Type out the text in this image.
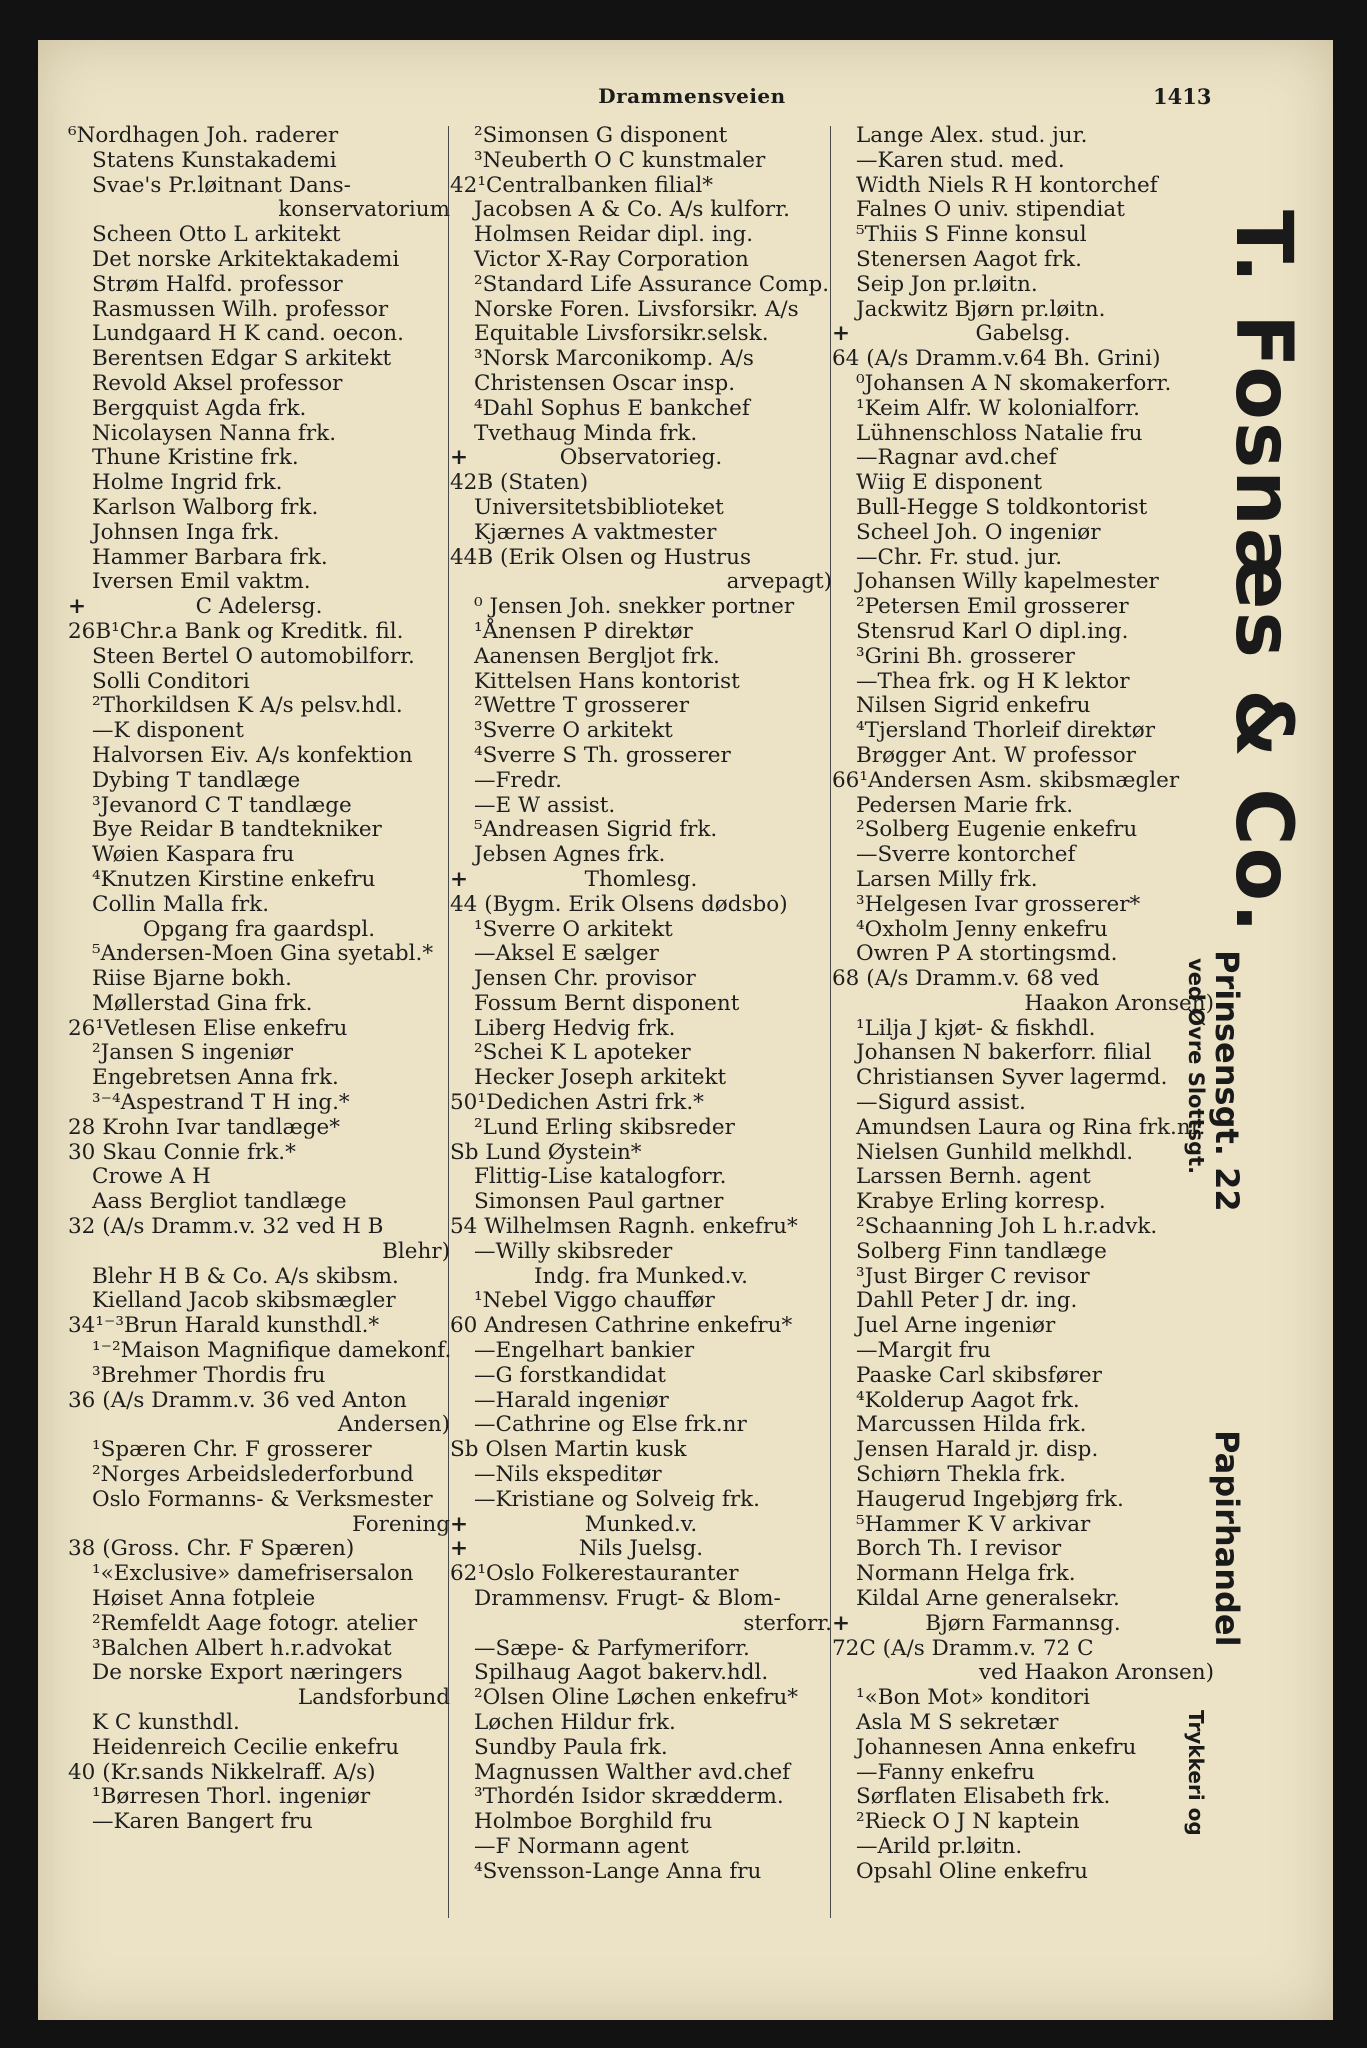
Drammensveien	1413
⁶Nordhagen Joh. raderer
Statens Kunstakademi
Svae's Pr.løitnant Dans-
konservatorium
Scheen Otto L arkitekt
Det norske Arkitektakademi
Strøm Halfd. professor
Rasmussen Wilh. professor
Lundgaard H K cand. oecon.
Berentsen Edgar S arkitekt
Revold Aksel professor
Bergquist Agda frk.
Nicolaysen Nanna frk.
Thune Kristine frk.
Holme Ingrid frk.
Karlson Walborg frk.
Johnsen Inga frk.
Hammer Barbara frk.
Iversen Emil vaktm.
+	C Adelersg.
26B¹Chr.a Bank og Kreditk. fil.
Steen Bertel O automobilforr.
Solli Conditori
²Thorkildsen K A/s pelsv.hdl.
—K disponent
Halvorsen Eiv. A/s konfektion
Dybing T tandlæge
³Jevanord C T tandlæge
Bye Reidar B tandtekniker
Wøien Kaspara fru
⁴Knutzen Kirstine enkefru
Collin Malla frk.
Opgang fra gaardspl.
⁵Andersen-Moen Gina syetabl.*
Riise Bjarne bokh.
Møllerstad Gina frk.
26¹Vetlesen Elise enkefru
²Jansen S ingeniør
Engebretsen Anna frk.
³⁻⁴Aspestrand T H ing.*
28 Krohn Ivar tandlæge*
30 Skau Connie frk.*
Crowe A H
Aass Bergliot tandlæge
32 (A/s Dramm.v. 32 ved H B
Blehr)
Blehr H B & Co. A/s skibsm.
Kielland Jacob skibsmægler
34¹⁻³Brun Harald kunsthdl.*
¹⁻²Maison Magnifique damekonf.
³Brehmer Thordis fru
36 (A/s Dramm.v. 36 ved Anton
Andersen)
¹Spæren Chr. F grosserer
²Norges Arbeidslederforbund
Oslo Formanns- & Verksmester
Forening
38 (Gross. Chr. F Spæren)
¹«Exclusive» damefrisersalon
Høiset Anna fotpleie
²Remfeldt Aage fotogr. atelier
³Balchen Albert h.r.advokat
De norske Export næringers
Landsforbund
K C kunsthdl.
Heidenreich Cecilie enkefru
40 (Kr.sands Nikkelraff. A/s)
¹Børresen Thorl. ingeniør
—Karen Bangert fru
²Simonsen G disponent
³Neuberth O C kunstmaler
42¹Centralbanken filial*
Jacobsen A & Co. A/s kulforr.
Holmsen Reidar dipl. ing.
Victor X-Ray Corporation
²Standard Life Assurance Comp.
Norske Foren. Livsforsikr. A/s
Equitable Livsforsikr.selsk.
³Norsk Marconikomp. A/s
Christensen Oscar insp.
⁴Dahl Sophus E bankchef
Tvethaug Minda frk.
+	Observatorieg.
42B (Staten)
Universitetsbiblioteket
Kjærnes A vaktmester
44B (Erik Olsen og Hustrus
arvepagt)
⁰ Jensen Joh. snekker portner
¹Ånensen P direktør
Aanensen Bergljot frk.
Kittelsen Hans kontorist
²Wettre T grosserer
³Sverre O arkitekt
⁴Sverre S Th. grosserer
—Fredr.
—E W assist.
⁵Andreasen Sigrid frk.
Jebsen Agnes frk.
+	Thomlesg.
44 (Bygm. Erik Olsens dødsbo)
¹Sverre O arkitekt
—Aksel E sælger
Jensen Chr. provisor
Fossum Bernt disponent
Liberg Hedvig frk.
²Schei K L apoteker
Hecker Joseph arkitekt
50¹Dedichen Astri frk.*
²Lund Erling skibsreder
Sb Lund Øystein*
Flittig-Lise katalogforr.
Simonsen Paul gartner
54 Wilhelmsen Ragnh. enkefru*
—Willy skibsreder
Indg. fra Munked.v.
¹Nebel Viggo chauffør
60 Andresen Cathrine enkefru*
—Engelhart bankier
—G forstkandidat
—Harald ingeniør
—Cathrine og Else frk.nr
Sb Olsen Martin kusk
—Nils ekspeditør
—Kristiane og Solveig frk.
+	Munked.v.
+	Nils Juelsg.
62¹Oslo Folkerestauranter
Drammensv. Frugt- & Blom-
sterforr.
—Sæpe- & Parfymeriforr.
Spilhaug Aagot bakerv.hdl.
²Olsen Oline Løchen enkefru*
Løchen Hildur frk.
Sundby Paula frk.
Magnussen Walther avd.chef
³Thordén Isidor skrædderm.
Holmboe Borghild fru
—F Normann agent
⁴Svensson-Lange Anna fru
Lange Alex. stud. jur.
—Karen stud. med.
Width Niels R H kontorchef
Falnes O univ. stipendiat
⁵Thiis S Finne konsul
Stenersen Aagot frk.
Seip Jon pr.løitn.
Jackwitz Bjørn pr.løitn.
+	Gabelsg.
64 (A/s Dramm.v.64 Bh. Grini)
⁰Johansen A N skomakerforr.
¹Keim Alfr. W kolonialforr.
Lühnenschloss Natalie fru
—Ragnar avd.chef
Wiig E disponent
Bull-Hegge S toldkontorist
Scheel Joh. O ingeniør
—Chr. Fr. stud. jur.
Johansen Willy kapelmester
²Petersen Emil grosserer
Stensrud Karl O dipl.ing.
³Grini Bh. grosserer
—Thea frk. og H K lektor
Nilsen Sigrid enkefru
⁴Tjersland Thorleif direktør
Brøgger Ant. W professor
66¹Andersen Asm. skibsmægler
Pedersen Marie frk.
²Solberg Eugenie enkefru
—Sverre kontorchef
Larsen Milly frk.
³Helgesen Ivar grosserer*
⁴Oxholm Jenny enkefru
Owren P A stortingsmd.
68 (A/s Dramm.v. 68 ved
Haakon Aronsen)
¹Lilja J kjøt- & fiskhdl.
Johansen N bakerforr. filial
Christiansen Syver lagermd.
—Sigurd assist.
Amundsen Laura og Rina frk.nr.
Nielsen Gunhild melkhdl.
Larssen Bernh. agent
Krabye Erling korresp.
²Schaanning Joh L h.r.advk.
Solberg Finn tandlæge
³Just Birger C revisor
Dahll Peter J dr. ing.
Juel Arne ingeniør
—Margit fru
Paaske Carl skibsfører
⁴Kolderup Aagot frk.
Marcussen Hilda frk.
Jensen Harald jr. disp.
Schiørn Thekla frk.
Haugerud Ingebjørg frk.
⁵Hammer K V arkivar
Borch Th. I revisor
Normann Helga frk.
Kildal Arne generalsekr.
+	Bjørn Farmannsg.
72C (A/s Dramm.v. 72 C
ved Haakon Aronsen)
¹«Bon Mot» konditori
Asla M S sekretær
Johannesen Anna enkefru
—Fanny enkefru
Sørflaten Elisabeth frk.
²Rieck O J N kaptein
—Arild pr.løitn.
Opsahl Oline enkefru
T. Fosnæs & Co.
Prinsensgt. 22
ved Øvre Slottsgt.
Papirhandel
Trykkeri og
